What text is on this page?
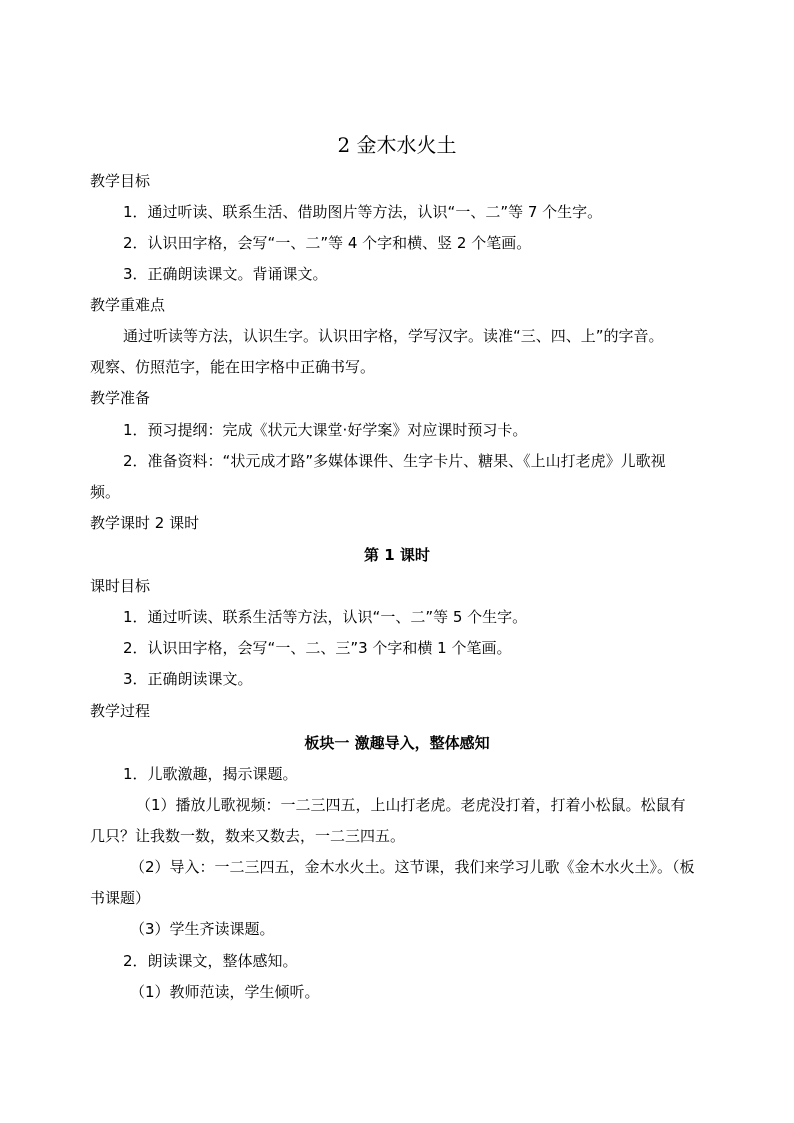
2 金木水火土
教学目标
1．通过听读、联系生活、借助图片等方法，认识“一、二”等 7 个生字。
2．认识田字格，会写“一、二”等 4 个字和横、竖 2 个笔画。
3．正确朗读课文。背诵课文。
教学重难点
通过听读等方法，认识生字。认识田字格，学写汉字。读准“三、四、上”的字音。
观察、仿照范字，能在田字格中正确书写。
教学准备
1．预习提纲：完成《状元大课堂·好学案》对应课时预习卡。
2．准备资料：“状元成才路”多媒体课件、生字卡片、糖果、《上山打老虎》儿歌视
频。
教学课时 2 课时
第 1 课时
课时目标
1．通过听读、联系生活等方法，认识“一、二”等 5 个生字。
2．认识田字格，会写“一、二、三”3 个字和横 1 个笔画。
3．正确朗读课文。
教学过程
板块一 激趣导入，整体感知
1．儿歌激趣，揭示课题。
（1）播放儿歌视频：一二三四五，上山打老虎。老虎没打着，打着小松鼠。松鼠有
几只？让我数一数，数来又数去，一二三四五。
（2）导入：一二三四五，金木水火土。这节课，我们来学习儿歌《金木水火土》。（板
书课题）
（3）学生齐读课题。
2．朗读课文，整体感知。
（1）教师范读，学生倾听。
